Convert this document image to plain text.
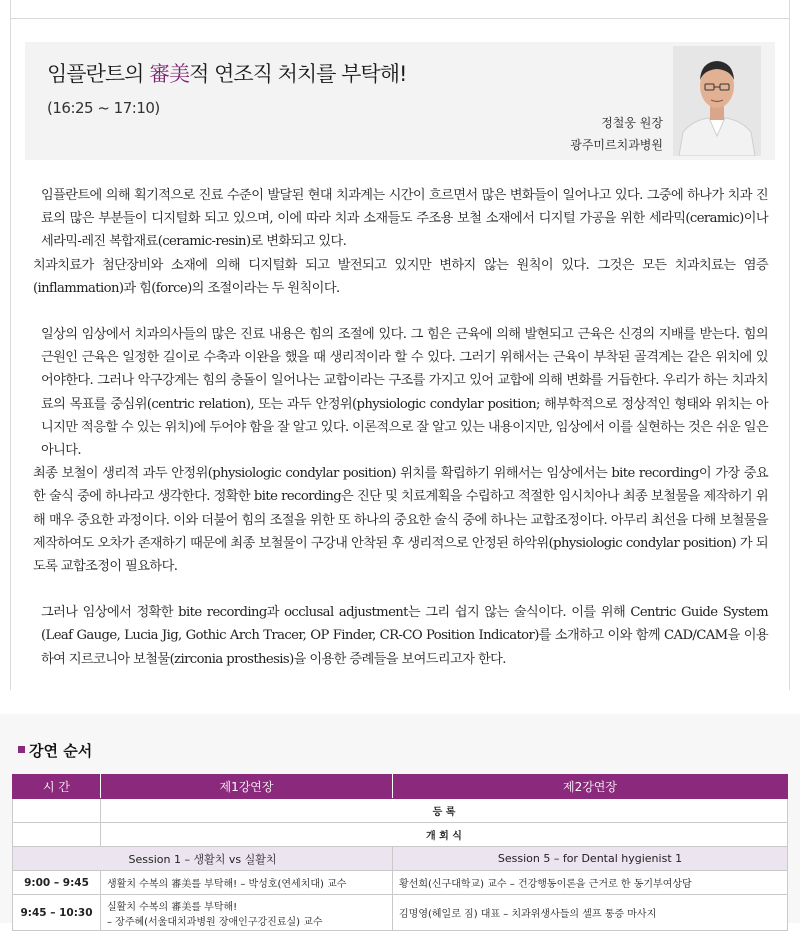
임플란트의 審美적 연조직 처치를 부탁해!
(16:25 ~ 17:10)
정철웅 원장
광주미르치과병원

임플란트에 의해 획기적으로 진료 수준이 발달된 현대 치과계는 시간이 흐르면서 많은 변화들이 일어나고 있다. 그중에 하나가 치과 진료의 많은 부분들이 디지털화 되고 있으며, 이에 따라 치과 소재들도 주조용 보철 소재에서 디지털 가공을 위한 세라믹(ceramic)이나 세라믹-레진 복합재료(ceramic-resin)로 변화되고 있다.

치과치료가 첨단장비와 소재에 의해 디지털화 되고 발전되고 있지만 변하지 않는 원칙이 있다. 그것은 모든 치과치료는 염증(inflammation)과 힘(force)의 조절이라는 두 원칙이다.

일상의 임상에서 치과의사들의 많은 진료 내용은 힘의 조절에 있다. 그 힘은 근육에 의해 발현되고 근육은 신경의 지배를 받는다. 힘의 근원인 근육은 일정한 길이로 수축과 이완을 했을 때 생리적이라 할 수 있다. 그러기 위해서는 근육이 부착된 골격계는 같은 위치에 있어야한다. 그러나 악구강계는 힘의 충돌이 일어나는 교합이라는 구조를 가지고 있어 교합에 의해 변화를 거듭한다. 우리가 하는 치과치료의 목표를 중심위(centric relation), 또는 과두 안정위(physiologic condylar position; 해부학적으로 정상적인 형태와 위치는 아니지만 적응할 수 있는 위치)에 두어야 함을 잘 알고 있다. 이론적으로 잘 알고 있는 내용이지만, 임상에서 이를 실현하는 것은 쉬운 일은 아니다.

최종 보철이 생리적 과두 안정위(physiologic condylar position) 위치를 확립하기 위해서는 임상에서는 bite recording이 가장 중요한 술식 중에 하나라고 생각한다. 정확한 bite recording은 진단 및 치료계획을 수립하고 적절한 임시치아나 최종 보철물을 제작하기 위해 매우 중요한 과정이다. 이와 더불어 힘의 조절을 위한 또 하나의 중요한 술식 중에 하나는 교합조정이다. 아무리 최선을 다해 보철물을 제작하여도 오차가 존재하기 때문에 최종 보철물이 구강내 안착된 후 생리적으로 안정된 하악위(physiologic condylar position) 가 되도록 교합조정이 필요하다.

그러나 임상에서 정확한 bite recording과 occlusal adjustment는 그리 쉽지 않는 술식이다. 이를 위해 Centric Guide System (Leaf Gauge, Lucia Jig, Gothic Arch Tracer, OP Finder, CR-CO Position Indicator)를 소개하고 이와 함께 CAD/CAM을 이용하여 지르코니아 보철물(zirconia prosthesis)을 이용한 증례들을 보여드리고자 한다.

강연 순서
시 간	제1강연장	제2강연장
	등 록	
	개 회 식	
Session 1 – 생활치 vs 실활치		Session 5 – for Dental hygienist 1
9:00 – 9:45	생활치 수복의 審美를 부탁해! – 박성호(연세치대) 교수	황선희(신구대학교) 교수 – 건강행동이론을 근거로 한 동기부여상담
9:45 – 10:30	실활치 수복의 審美를 부탁해!
– 장주혜(서울대치과병원 장애인구강진료실) 교수	김명영(헤일로 짐) 대표 – 치과위생사들의 셀프 통증 마사지
